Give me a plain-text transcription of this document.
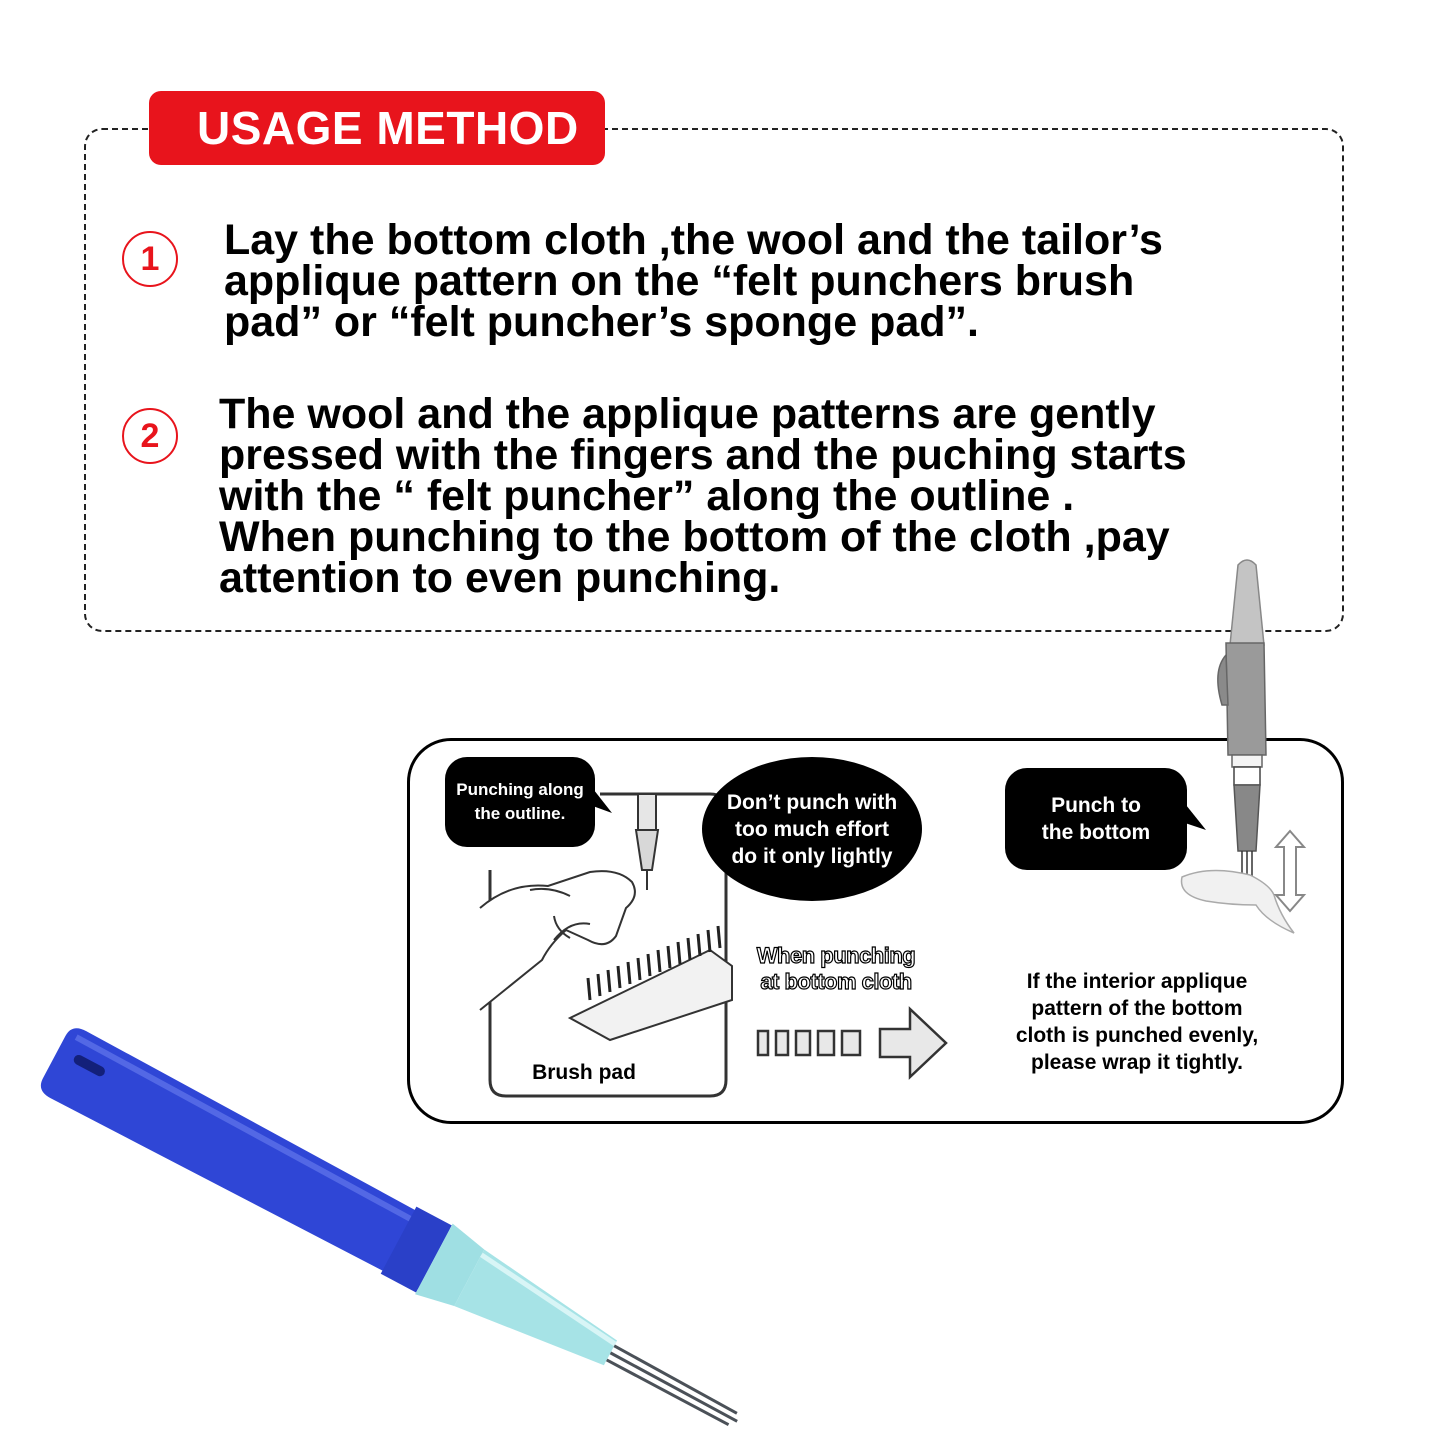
USAGE METHOD
1	Lay the bottom cloth ,the wool and the tailor’s
applique pattern on the “felt punchers brush
pad” or “felt puncher’s sponge pad”.
2	The wool and the applique patterns are gently
pressed with the fingers and the puching starts
with the “ felt puncher” along the outline .
When punching to the bottom of the cloth ,pay
attention to even punching.
Punching along
the outline.	Don’t punch with
too much effort
do it only lightly
Punch to
the bottom
Brush pad
When punching
at bottom cloth	If the interior applique
pattern of the bottom
cloth is punched evenly,
please wrap it tightly.
